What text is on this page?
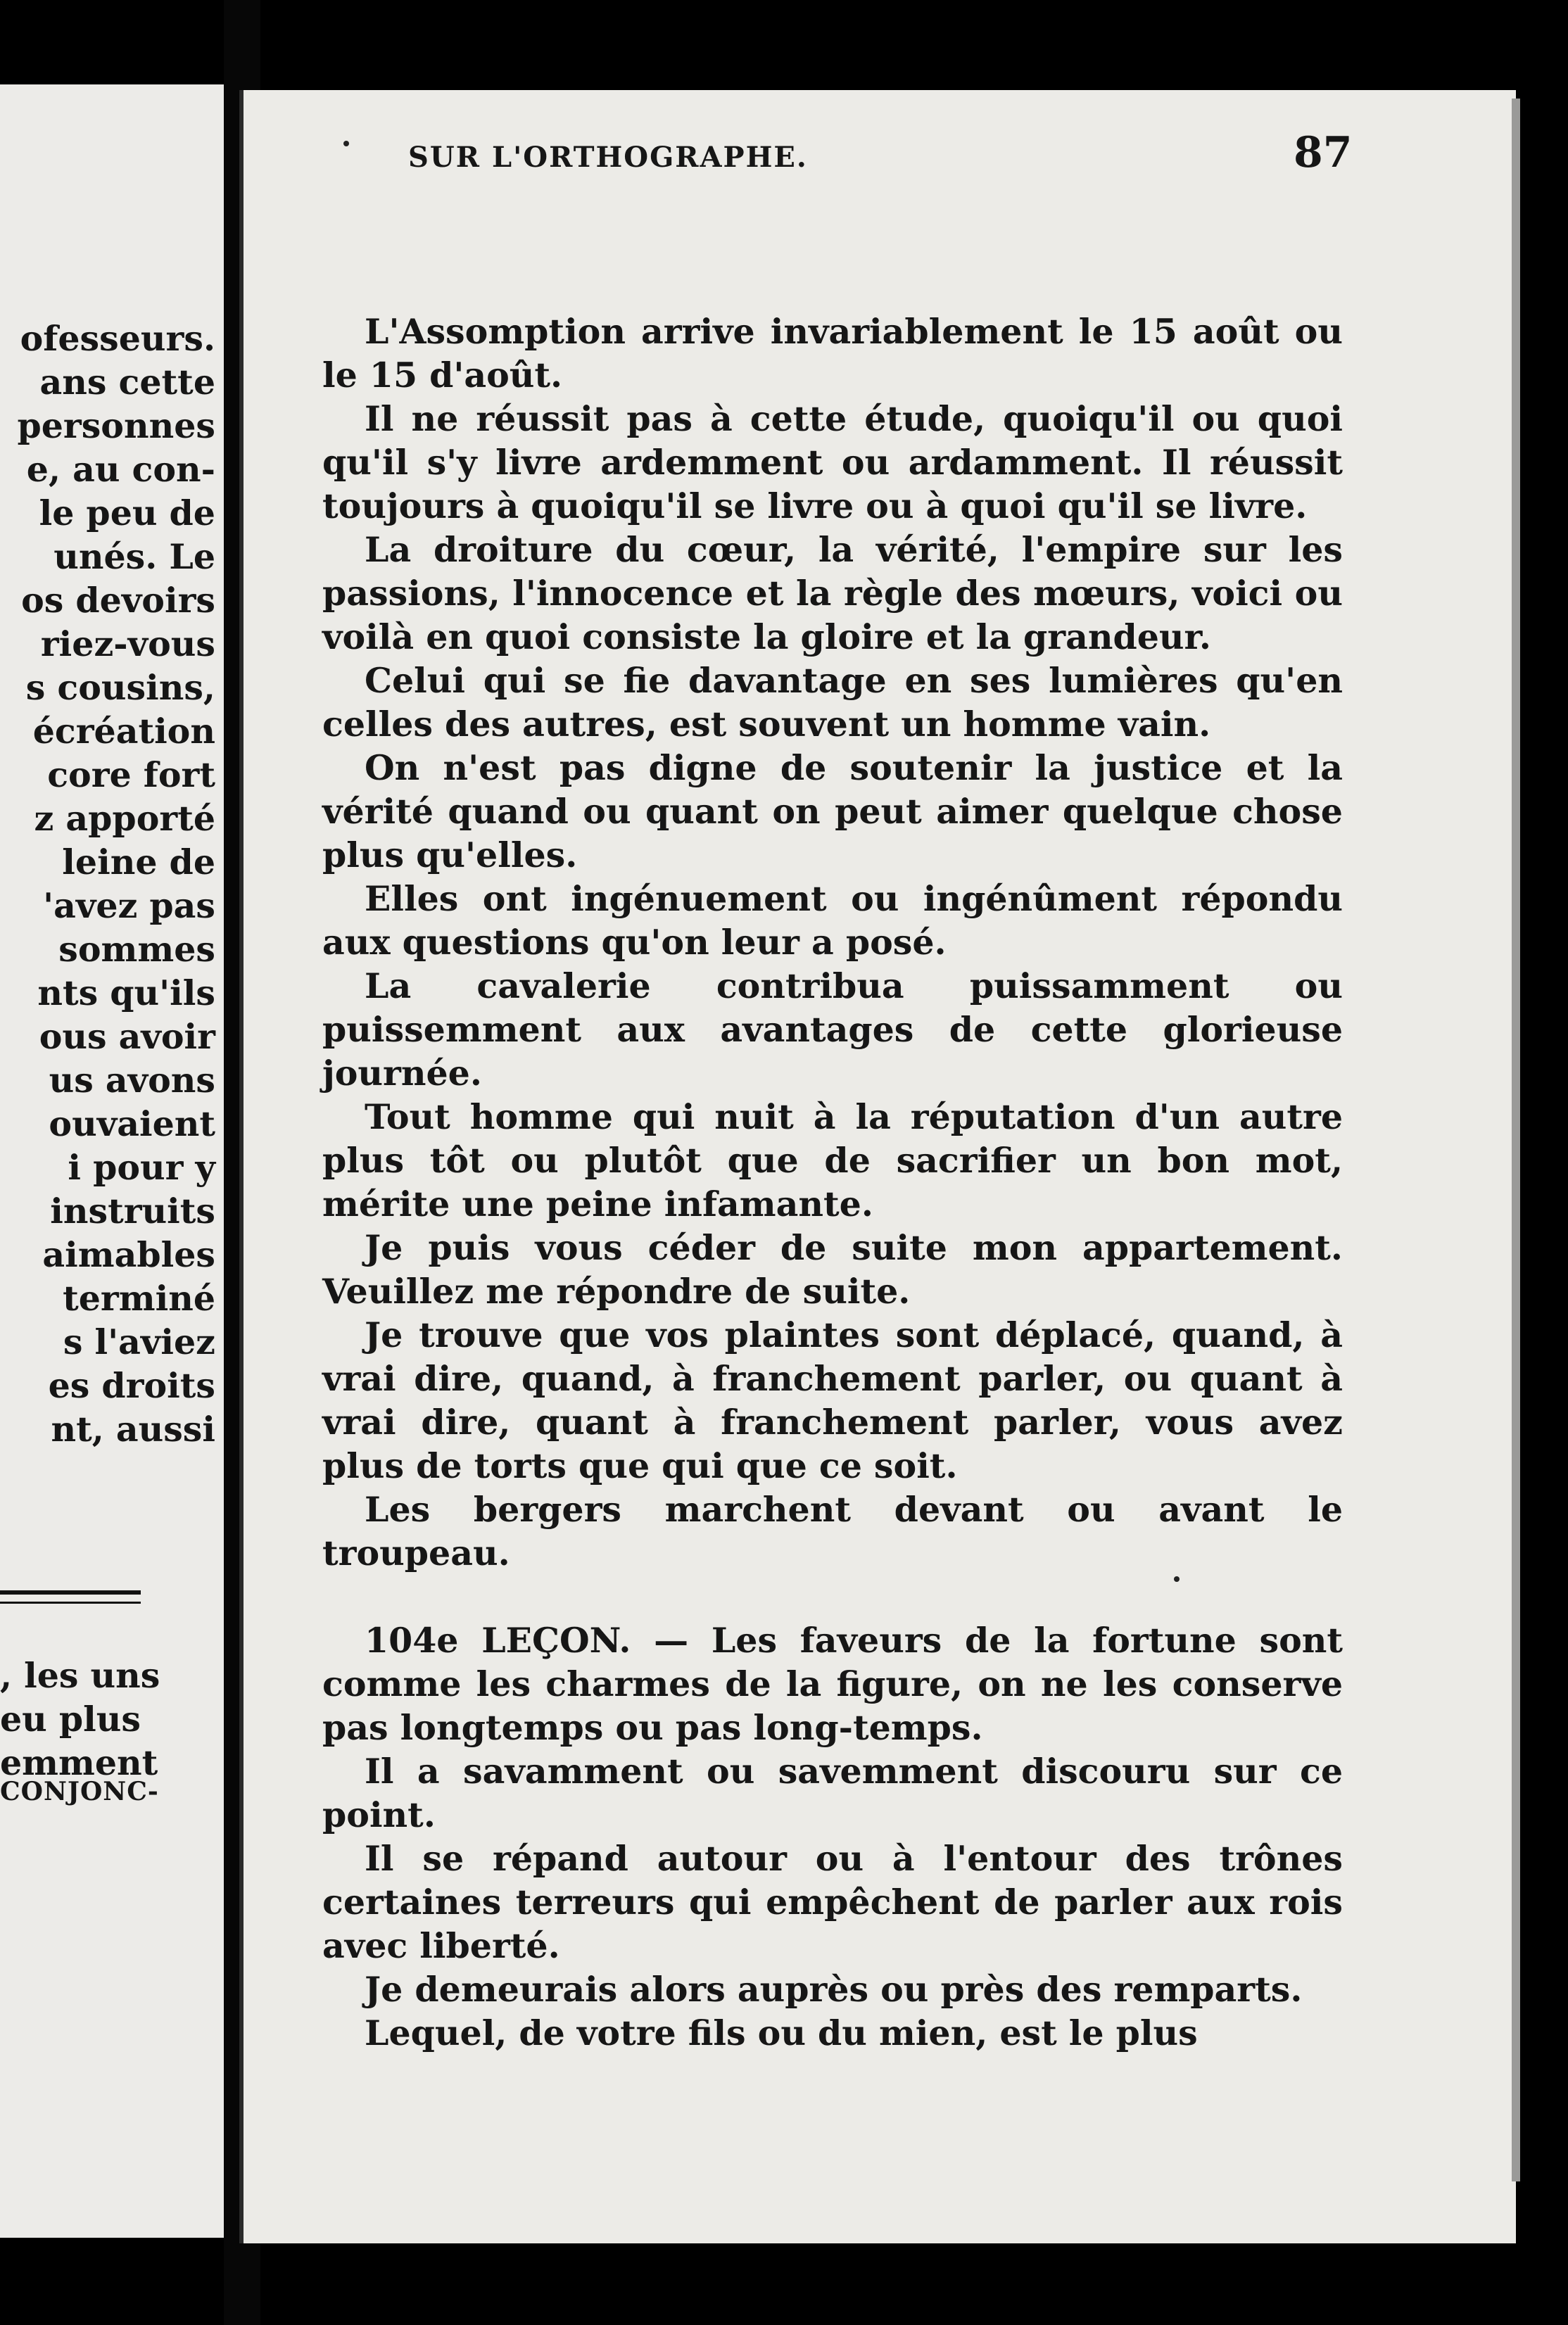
ofesseurs.
ans cette
personnes
e, au con-
le peu de
unés. Le
os devoirs
riez-vous
s cousins,
écréation
core fort
z apporté
leine de
'avez pas
sommes
nts qu'ils
ous avoir
us avons
ouvaient
i pour y
instruits
aimables
terminé
s l'aviez
es droits
nt, aussi
CONJONC-
, les uns
eu plus
emment
SUR L'ORTHOGRAPHE.	87

L'Assomption arrive invariablement le 15 août ou le 15 d'août.

Il ne réussit pas à cette étude, quoiqu'il ou quoi qu'il s'y livre ardemment ou ardamment. Il réussit toujours à quoiqu'il se livre ou à quoi qu'il se livre.

La droiture du cœur, la vérité, l'empire sur les passions, l'innocence et la règle des mœurs, voici ou voilà en quoi consiste la gloire et la grandeur.

Celui qui se fie davantage en ses lumières qu'en celles des autres, est souvent un homme vain.

On n'est pas digne de soutenir la justice et la vérité quand ou quant on peut aimer quelque chose plus qu'elles.

Elles ont ingénuement ou ingénûment répondu aux questions qu'on leur a posé.

La cavalerie contribua puissamment ou puissemment aux avantages de cette glorieuse journée.

Tout homme qui nuit à la réputation d'un autre plus tôt ou plutôt que de sacrifier un bon mot, mérite une peine infamante.

Je puis vous céder de suite mon appartement. Veuillez me répondre de suite.

Je trouve que vos plaintes sont déplacé, quand, à vrai dire, quand, à franchement parler, ou quant à vrai dire, quant à franchement parler, vous avez plus de torts que qui que ce soit.

Les bergers marchent devant ou avant le troupeau.

104e LEÇON. — Les faveurs de la fortune sont comme les charmes de la figure, on ne les conserve pas longtemps ou pas long-temps.

Il a savamment ou savemment discouru sur ce point.

Il se répand autour ou à l'entour des trônes certaines terreurs qui empêchent de parler aux rois avec liberté.

Je demeurais alors auprès ou près des remparts.

Lequel, de votre fils ou du mien, est le plus
